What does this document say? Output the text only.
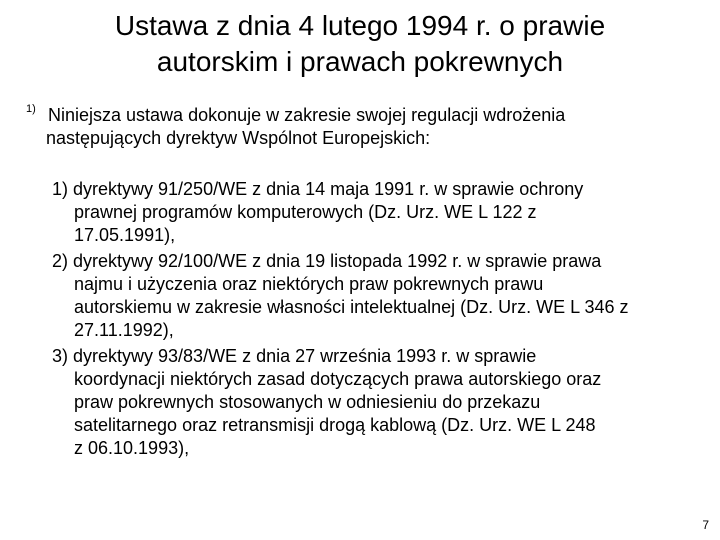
Ustawa z dnia 4 lutego 1994 r. o prawie
autorskim i prawach pokrewnych
1) Niniejsza ustawa dokonuje w zakresie swojej regulacji wdrożenia
następujących dyrektyw Wspólnot Europejskich:
1) dyrektywy 91/250/WE z dnia 14 maja 1991 r. w sprawie ochrony
prawnej programów komputerowych (Dz. Urz. WE L 122 z
17.05.1991),
2) dyrektywy 92/100/WE z dnia 19 listopada 1992 r. w sprawie prawa
najmu i użyczenia oraz niektórych praw pokrewnych prawu
autorskiemu w zakresie własności intelektualnej (Dz. Urz. WE L 346 z
27.11.1992),
3) dyrektywy 93/83/WE z dnia 27 września 1993 r. w sprawie
koordynacji niektórych zasad dotyczących prawa autorskiego oraz
praw pokrewnych stosowanych w odniesieniu do przekazu
satelitarnego oraz retransmisji drogą kablową (Dz. Urz. WE L 248
z 06.10.1993),
7
